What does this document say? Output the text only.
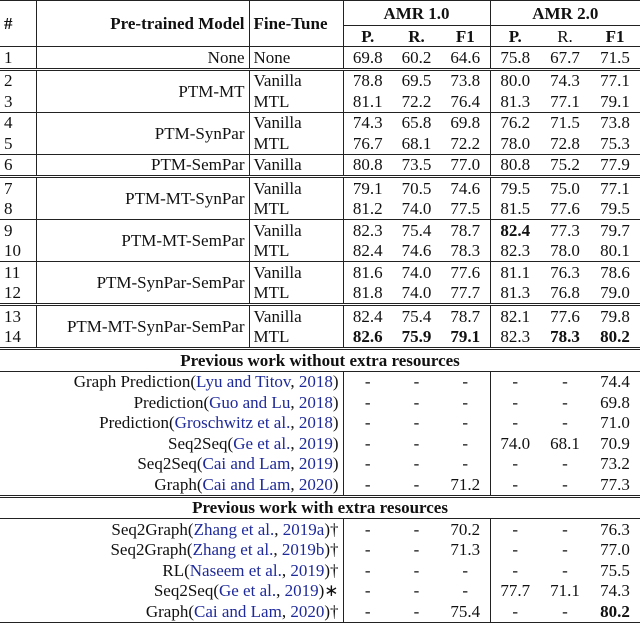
#	Pre-trained Model	Fine-Tune	AMR 1.0			AMR 2.0		
			P.	R.	F1	P.	R.	F1
1	None	None	69.8	60.2	64.6	75.8	67.7	71.5
2	PTM-MT	Vanilla	78.8	69.5	73.8	80.0	74.3	77.1
3		MTL	81.1	72.2	76.4	81.3	77.1	79.1
4	PTM-SynPar	Vanilla	74.3	65.8	69.8	76.2	71.5	73.8
5		MTL	76.7	68.1	72.2	78.0	72.8	75.3
6	PTM-SemPar	Vanilla	80.8	73.5	77.0	80.8	75.2	77.9
7	PTM-MT-SynPar	Vanilla	79.1	70.5	74.6	79.5	75.0	77.1
8		MTL	81.2	74.0	77.5	81.5	77.6	79.5
9	PTM-MT-SemPar	Vanilla	82.3	75.4	78.7	82.4	77.3	79.7
10		MTL	82.4	74.6	78.3	82.3	78.0	80.1
11	PTM-SynPar-SemPar	Vanilla	81.6	74.0	77.6	81.1	76.3	78.6
12		MTL	81.8	74.0	77.7	81.3	76.8	79.0
13	PTM-MT-SynPar-SemPar	Vanilla	82.4	75.4	78.7	82.1	77.6	79.8
14		MTL	82.6	75.9	79.1	82.3	78.3	80.2
Previous work without extra resources								
Graph Prediction(Lyu and Titov, 2018)			-	-	-	-	-	74.4
Prediction(Guo and Lu, 2018)			-	-	-	-	-	69.8
Prediction(Groschwitz et al., 2018)			-	-	-	-	-	71.0
Seq2Seq(Ge et al., 2019)			-	-	-	74.0	68.1	70.9
Seq2Seq(Cai and Lam, 2019)			-	-	-	-	-	73.2
Graph(Cai and Lam, 2020)			-	-	71.2	-	-	77.3
Previous work with extra resources								
Seq2Graph(Zhang et al., 2019a)†			-	-	70.2	-	-	76.3
Seq2Graph(Zhang et al., 2019b)†			-	-	71.3	-	-	77.0
RL(Naseem et al., 2019)†			-	-	-	-	-	75.5
Seq2Seq(Ge et al., 2019)∗			-	-	-	77.7	71.1	74.3
Graph(Cai and Lam, 2020)†			-	-	75.4	-	-	80.2
